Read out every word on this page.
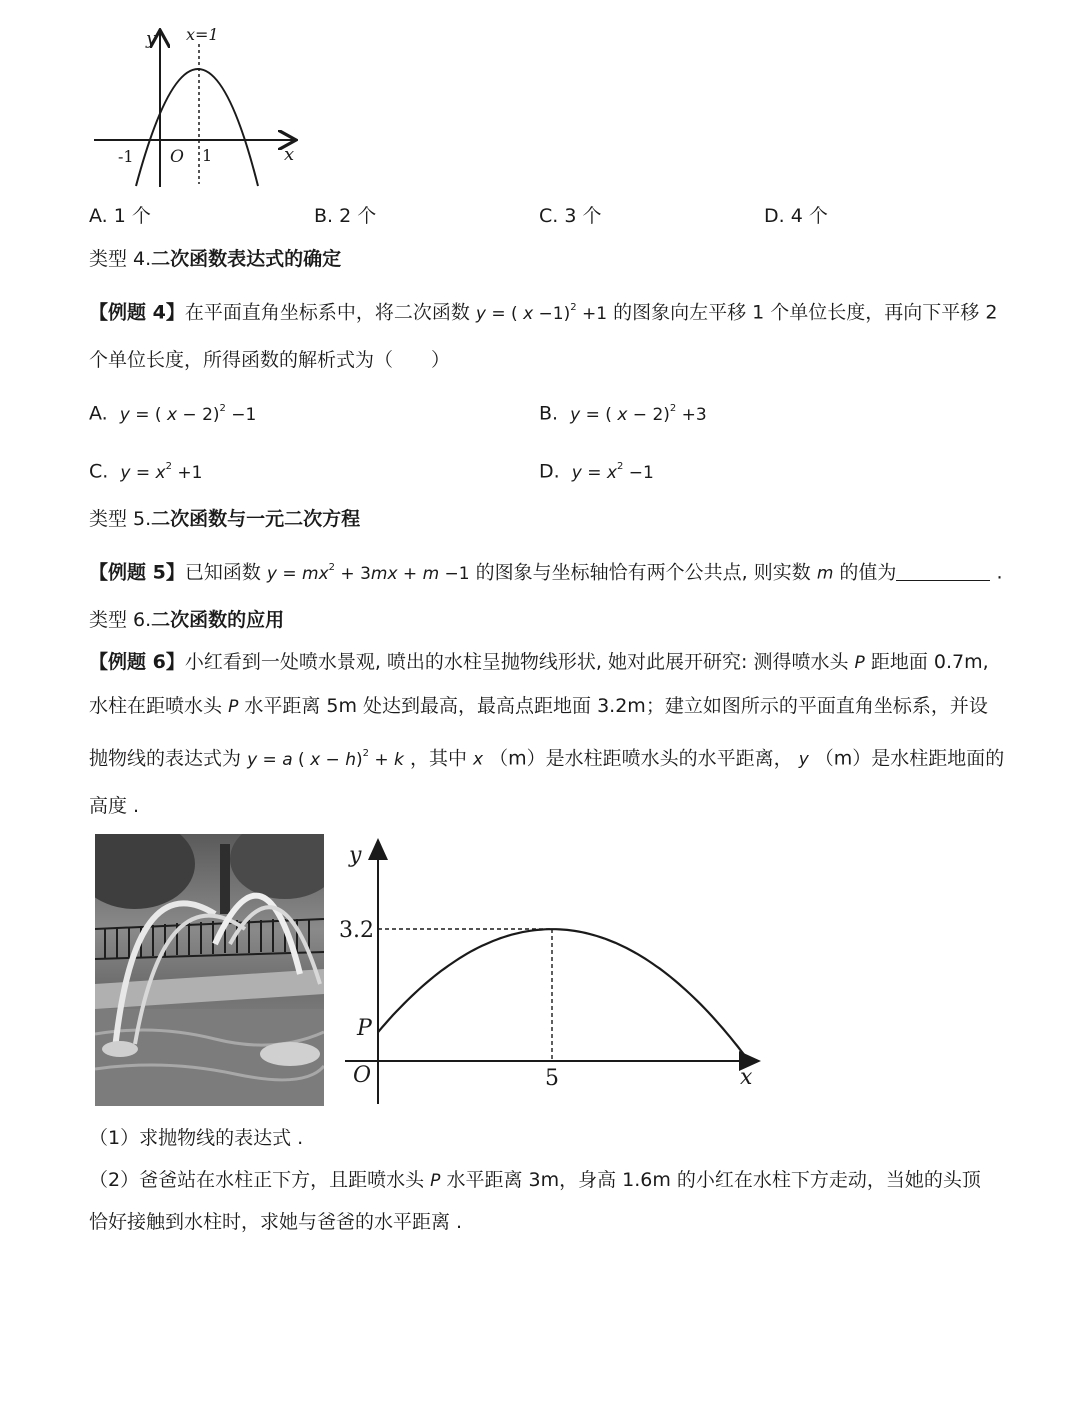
y x=1
x
O
-1	1
A. 1 个	B. 2 个	C. 3 个	D. 4 个
类型 4.二次函数表达式的确定
【例题 4】在平面直角坐标系中，将二次函数 y = ( x −1)$^2$ +1 的图象向左平移 1 个单位长度，再向下平移 2
个单位长度，所得函数的解析式为（　　）
A. y = ( x − 2)$^2$ −1	B. y = ( x − 2)$^2$ +3
C. $y = x^2 +1$	D. $y = x^2 -1$
类型 5.二次函数与一元二次方程
【例题 5】已知函数 $y = mx^2 + 3mx + m -1$ 的图象与坐标轴恰有两个公共点, 则实数 m 的值为	.
类型 6.二次函数的应用
【例题 6】小红看到一处喷水景观, 喷出的水柱呈抛物线形状, 她对此展开研究: 测得喷水头 P 距地面 0.7m,
水柱在距喷水头 P 水平距离 5m 处达到最高，最高点距地面 3.2m；建立如图所示的平面直角坐标系，并设
抛物线的表达式为 y = a ( x − h)$^2$ + k ，其中 x （m）是水柱距喷水头的水平距离， y （m）是水柱距地面的
高度 .
y
3.2
P
O	5	x
（1）求抛物线的表达式 .
（2）爸爸站在水柱正下方，且距喷水头 P 水平距离 3m，身高 1.6m 的小红在水柱下方走动，当她的头顶
恰好接触到水柱时，求她与爸爸的水平距离 .
